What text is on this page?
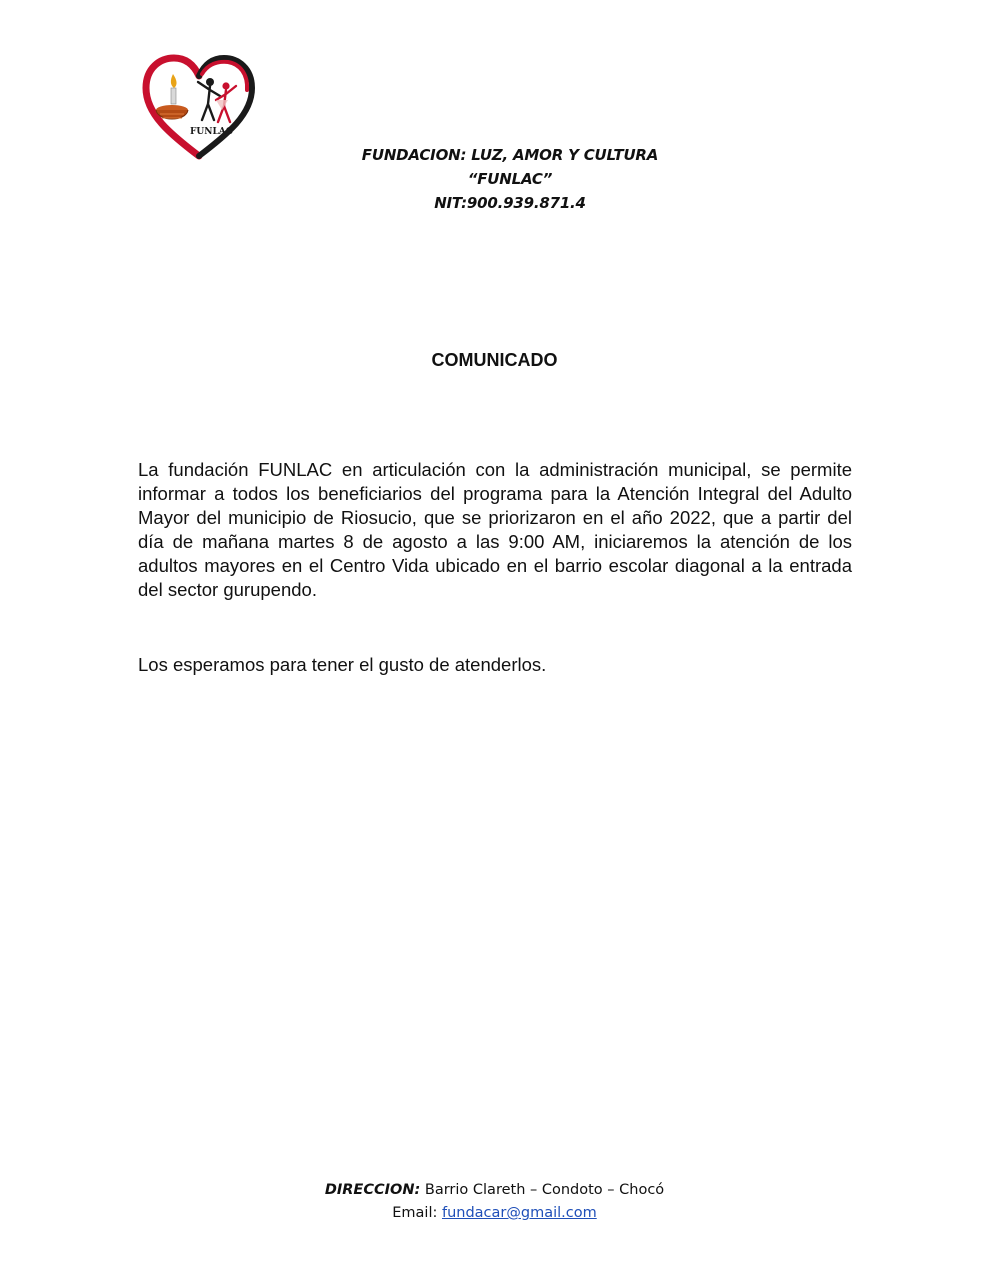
FUNLAC
FUNDACION: LUZ, AMOR Y CULTURA
“FUNLAC”
NIT:900.939.871.4
COMUNICADO

La fundación FUNLAC en articulación con la administración municipal, se permite informar a todos los beneficiarios del programa para la Atención Integral del Adulto Mayor del municipio de Riosucio, que se priorizaron en el año 2022, que a partir del día de mañana martes 8 de agosto a las 9:00 AM, iniciaremos la atención de los adultos mayores en el Centro Vida ubicado en el barrio escolar diagonal a la entrada del sector gurupendo.

Los esperamos para tener el gusto de atenderlos.

DIRECCION: Barrio Clareth – Condoto – Chocó
Email: fundacar@gmail.com
